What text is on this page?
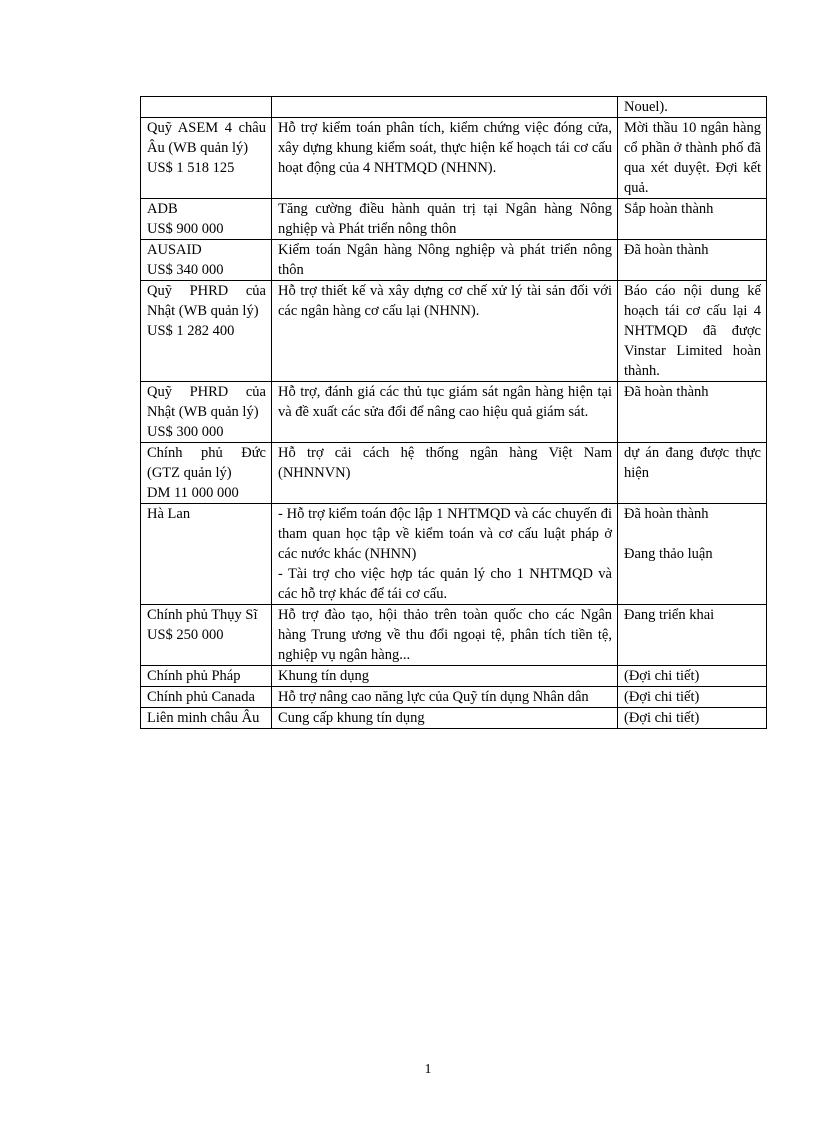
		Nouel).

Quỹ ASEM 4 châu Âu (WB quản lý)
US$ 1 518 125	Hỗ trợ kiểm toán phân tích, kiểm chứng việc đóng cửa, xây dựng khung kiểm soát, thực hiện kế hoạch tái cơ cấu hoạt động của 4 NHTMQD (NHNN).	Mời thầu 10 ngân hàng cổ phần ở thành phố đã qua xét duyệt. Đợi kết quả.

ADB
US$ 900 000	Tăng cường điều hành quản trị tại Ngân hàng Nông nghiệp và Phát triển nông thôn	Sắp hoàn thành

AUSAID
US$ 340 000	Kiểm toán Ngân hàng Nông nghiệp và phát triển nông thôn	Đã hoàn thành

Quỹ PHRD của Nhật (WB quản lý)
US$ 1 282 400	Hỗ trợ thiết kế và xây dựng cơ chế xử lý tài sản đối với các ngân hàng cơ cấu lại (NHNN).	Báo cáo nội dung kế hoạch tái cơ cấu lại 4 NHTMQD đã được Vinstar Limited hoàn thành.

Quỹ PHRD của Nhật (WB quản lý)
US$ 300 000	Hỗ trợ, đánh giá các thủ tục giám sát ngân hàng hiện tại và đề xuất các sửa đổi để nâng cao hiệu quả giám sát.	Đã hoàn thành

Chính phủ Đức (GTZ quản lý)
DM 11 000 000	Hỗ trợ cải cách hệ thống ngân hàng Việt Nam (NHNNVN)	dự án đang được thực hiện

Hà Lan	- Hỗ trợ kiểm toán độc lập 1 NHTMQD và các chuyến đi tham quan học tập về kiểm toán và cơ cấu luật pháp ở các nước khác (NHNN)
- Tài trợ cho việc hợp tác quản lý cho 1 NHTMQD và các hỗ trợ khác để tái cơ cấu.	Đã hoàn thành
Đang thảo luận

Chính phủ Thụy Sĩ
US$ 250 000	Hỗ trợ đào tạo, hội thảo trên toàn quốc cho các Ngân hàng Trung ương về thu đổi ngoại tệ, phân tích tiền tệ, nghiệp vụ ngân hàng...	Đang triển khai

Chính phủ Pháp	Khung tín dụng	(Đợi chi tiết)

Chính phủ Canada	Hỗ trợ nâng cao năng lực của Quỹ tín dụng Nhân dân	(Đợi chi tiết)

Liên minh châu Âu	Cung cấp khung tín dụng	(Đợi chi tiết)
1
